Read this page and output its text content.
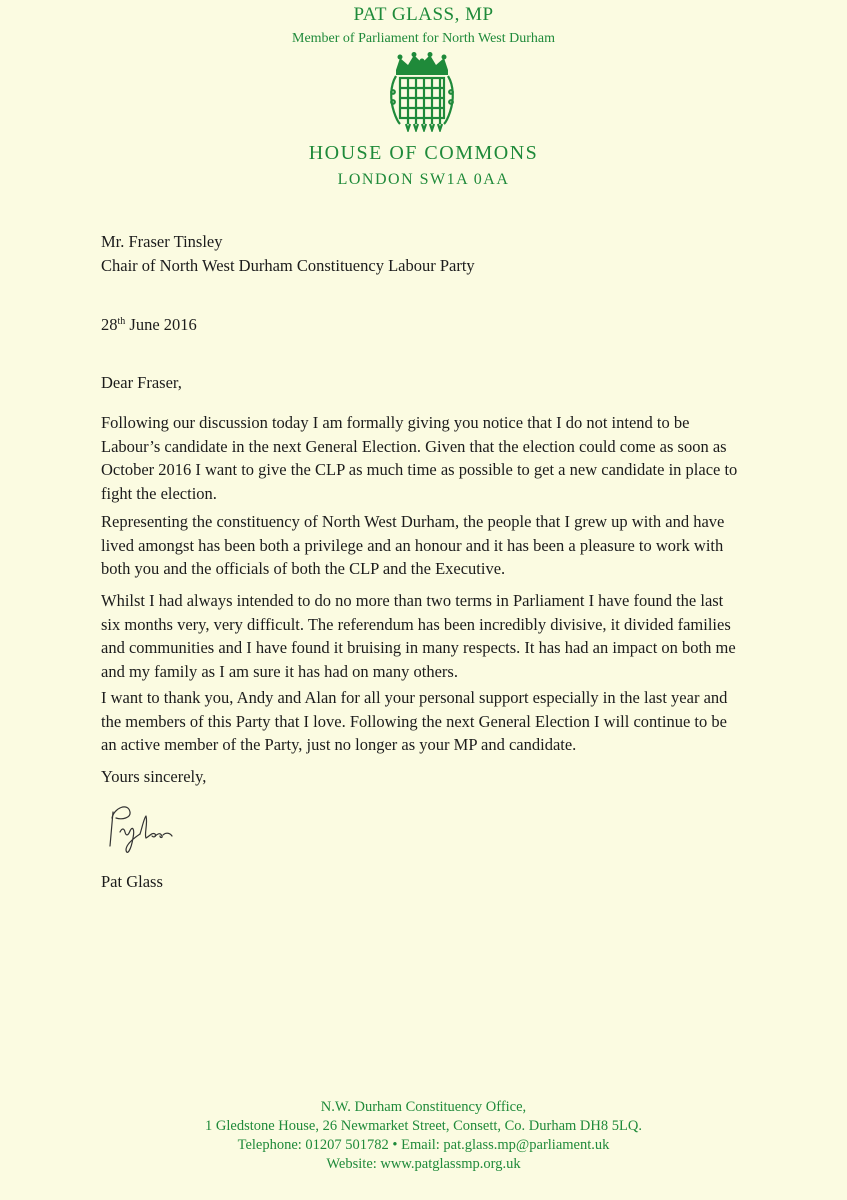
PAT GLASS, MP
Member of Parliament for North West Durham
HOUSE OF COMMONS
LONDON SW1A 0AA
Mr. Fraser Tinsley
Chair of North West Durham Constituency Labour Party
28th June 2016
Dear Fraser,

Following our discussion today I am formally giving you notice that I do not intend to be Labour’s candidate in the next General Election. Given that the election could come as soon as October 2016 I want to give the CLP as much time as possible to get a new candidate in place to fight the election.

Representing the constituency of North West Durham, the people that I grew up with and have lived amongst has been both a privilege and an honour and it has been a pleasure to work with both you and the officials of both the CLP and the Executive.

Whilst I had always intended to do no more than two terms in Parliament I have found the last six months very, very difficult. The referendum has been incredibly divisive, it divided families and communities and I have found it bruising in many respects. It has had an impact on both me and my family as I am sure it has had on many others.

I want to thank you, Andy and Alan for all your personal support especially in the last year and the members of this Party that I love. Following the next General Election I will continue to be an active member of the Party, just no longer as your MP and candidate.

Yours sincerely,
Pat Glass
N.W. Durham Constituency Office,
1 Gledstone House, 26 Newmarket Street, Consett, Co. Durham DH8 5LQ.
Telephone: 01207 501782 • Email: pat.glass.mp@parliament.uk
Website: www.patglassmp.org.uk
